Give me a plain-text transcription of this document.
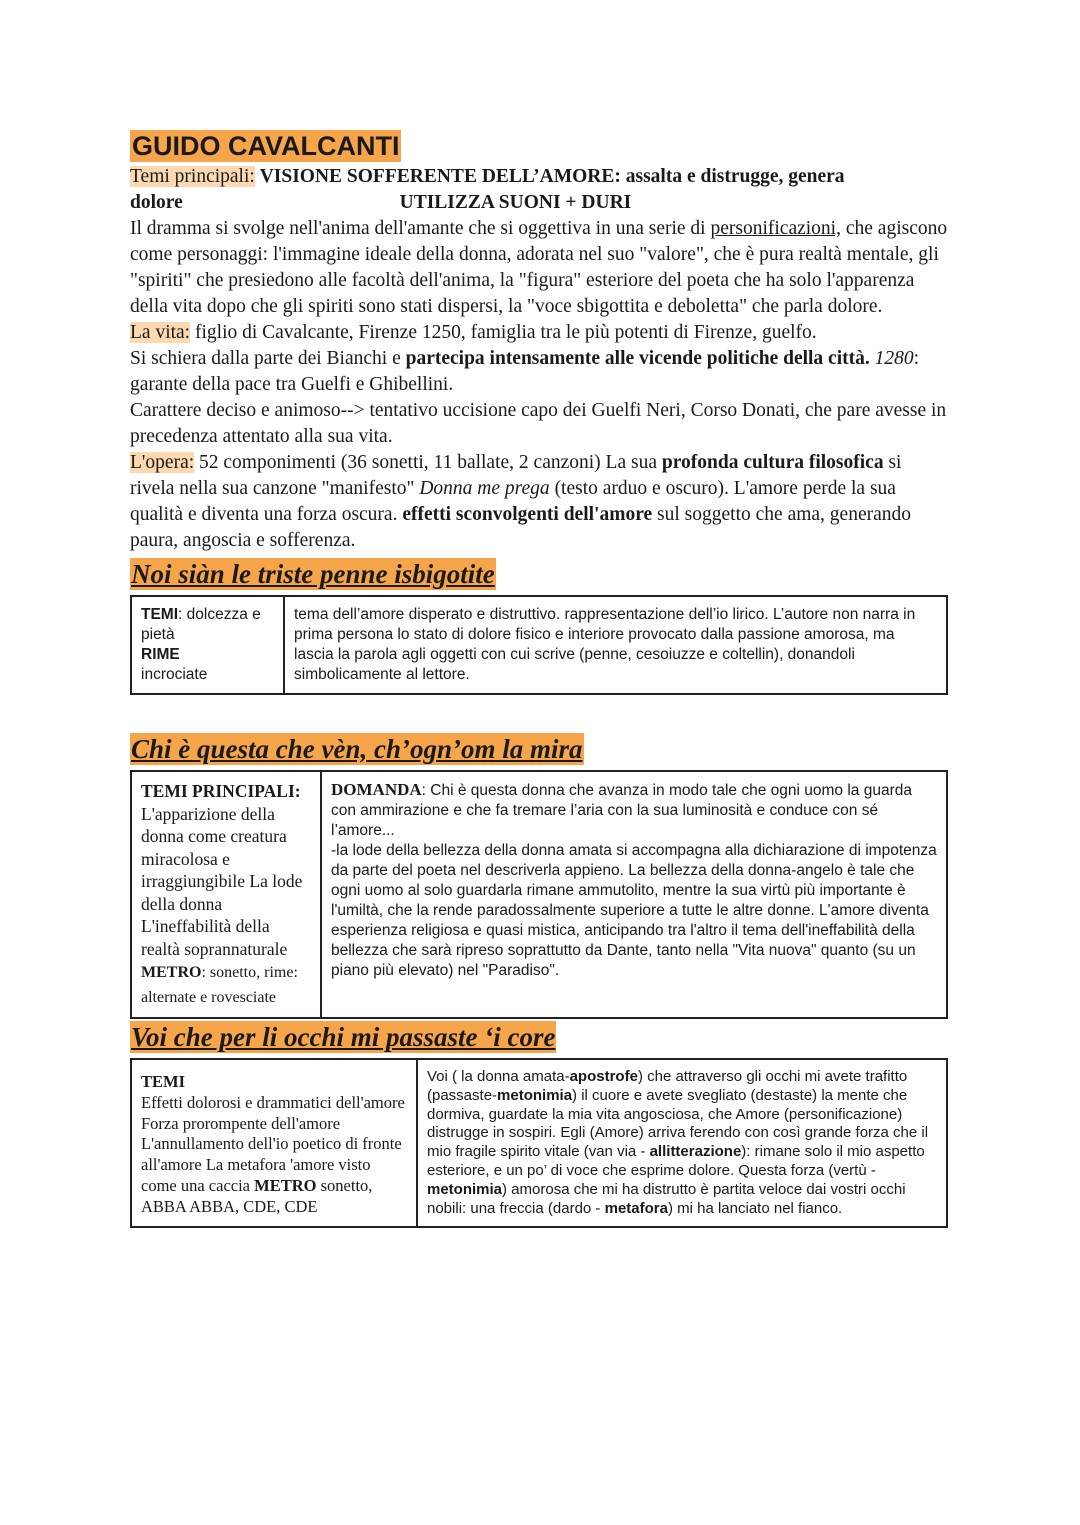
GUIDO CAVALCANTI

Temi principali: VISIONE SOFFERENTE DELL’AMORE: assalta e distrugge, genera
dolore	UTILIZZA SUONI + DURI

Il dramma si svolge nell'anima dell'amante che si oggettiva in una serie di personificazioni, che agiscono come personaggi: l'immagine ideale della donna, adorata nel suo "valore", che è pura realtà mentale, gli "spiriti" che presiedono alle facoltà dell'anima, la "figura" esteriore del poeta che ha solo l'apparenza della vita dopo che gli spiriti sono stati dispersi, la "voce sbigottita e deboletta" che parla dolore.

La vita: figlio di Cavalcante, Firenze 1250, famiglia tra le più potenti di Firenze, guelfo.
Si schiera dalla parte dei Bianchi e partecipa intensamente alle vicende politiche della città. 1280: garante della pace tra Guelfi e Ghibellini.

Carattere deciso e animoso--> tentativo uccisione capo dei Guelfi Neri, Corso Donati, che pare avesse in precedenza attentato alla sua vita.

L'opera: 52 componimenti (36 sonetti, 11 ballate, 2 canzoni) La sua profonda cultura filosofica si rivela nella sua canzone "manifesto" Donna me prega (testo arduo e oscuro). L'amore perde la sua qualità e diventa una forza oscura. effetti sconvolgenti dell'amore sul soggetto che ama, generando paura, angoscia e sofferenza.

Noi siàn le triste penne isbigotite
TEMI: dolcezza e pietà
RIME
incrociate	tema dell’amore disperato e distruttivo. rappresentazione dell’io lirico. L’autore non narra in prima persona lo stato di dolore fisico e interiore provocato dalla passione amorosa, ma lascia la parola agli oggetti con cui scrive (penne, cesoiuzze e coltellin), donandoli simbolicamente al lettore.
Chi è questa che vèn, ch’ogn’om la mira
TEMI PRINCIPALI:
L'apparizione della donna come creatura miracolosa e irraggiungibile La lode della donna L'ineffabilità della realtà soprannaturale
METRO: sonetto, rime: alternate e rovesciate	DOMANDA: Chi è questa donna che avanza in modo tale che ogni uomo la guarda con ammirazione e che fa tremare l’aria con la sua luminosità e conduce con sé l’amore...
-la lode della bellezza della donna amata si accompagna alla dichiarazione di impotenza da parte del poeta nel descriverla appieno. La bellezza della donna-angelo è tale che ogni uomo al solo guardarla rimane ammutolito, mentre la sua virtù più importante è l'umiltà, che la rende paradossalmente superiore a tutte le altre donne. L'amore diventa esperienza religiosa e quasi mistica, anticipando tra l'altro il tema dell'ineffabilità della bellezza che sarà ripreso soprattutto da Dante, tanto nella "Vita nuova" quanto (su un piano più elevato) nel "Paradiso".
Voi che per li occhi mi passaste ‘i core
TEMI
Effetti dolorosi e drammatici dell'amore Forza prorompente dell'amore L'annullamento dell'io poetico di fronte all'amore La metafora 'amore visto come una caccia METRO sonetto, ABBA ABBA, CDE, CDE	Voi ( la donna amata-apostrofe) che attraverso gli occhi mi avete trafitto (passaste-metonimia) il cuore e avete svegliato (destaste) la mente che dormiva, guardate la mia vita angosciosa, che Amore (personificazione) distrugge in sospiri. Egli (Amore) arriva ferendo con così grande forza che il mio fragile spirito vitale (van via - allitterazione): rimane solo il mio aspetto esteriore, e un po’ di voce che esprime dolore. Questa forza (vertù - metonimia) amorosa che mi ha distrutto è partita veloce dai vostri occhi nobili: una freccia (dardo - metafora) mi ha lanciato nel fianco.
